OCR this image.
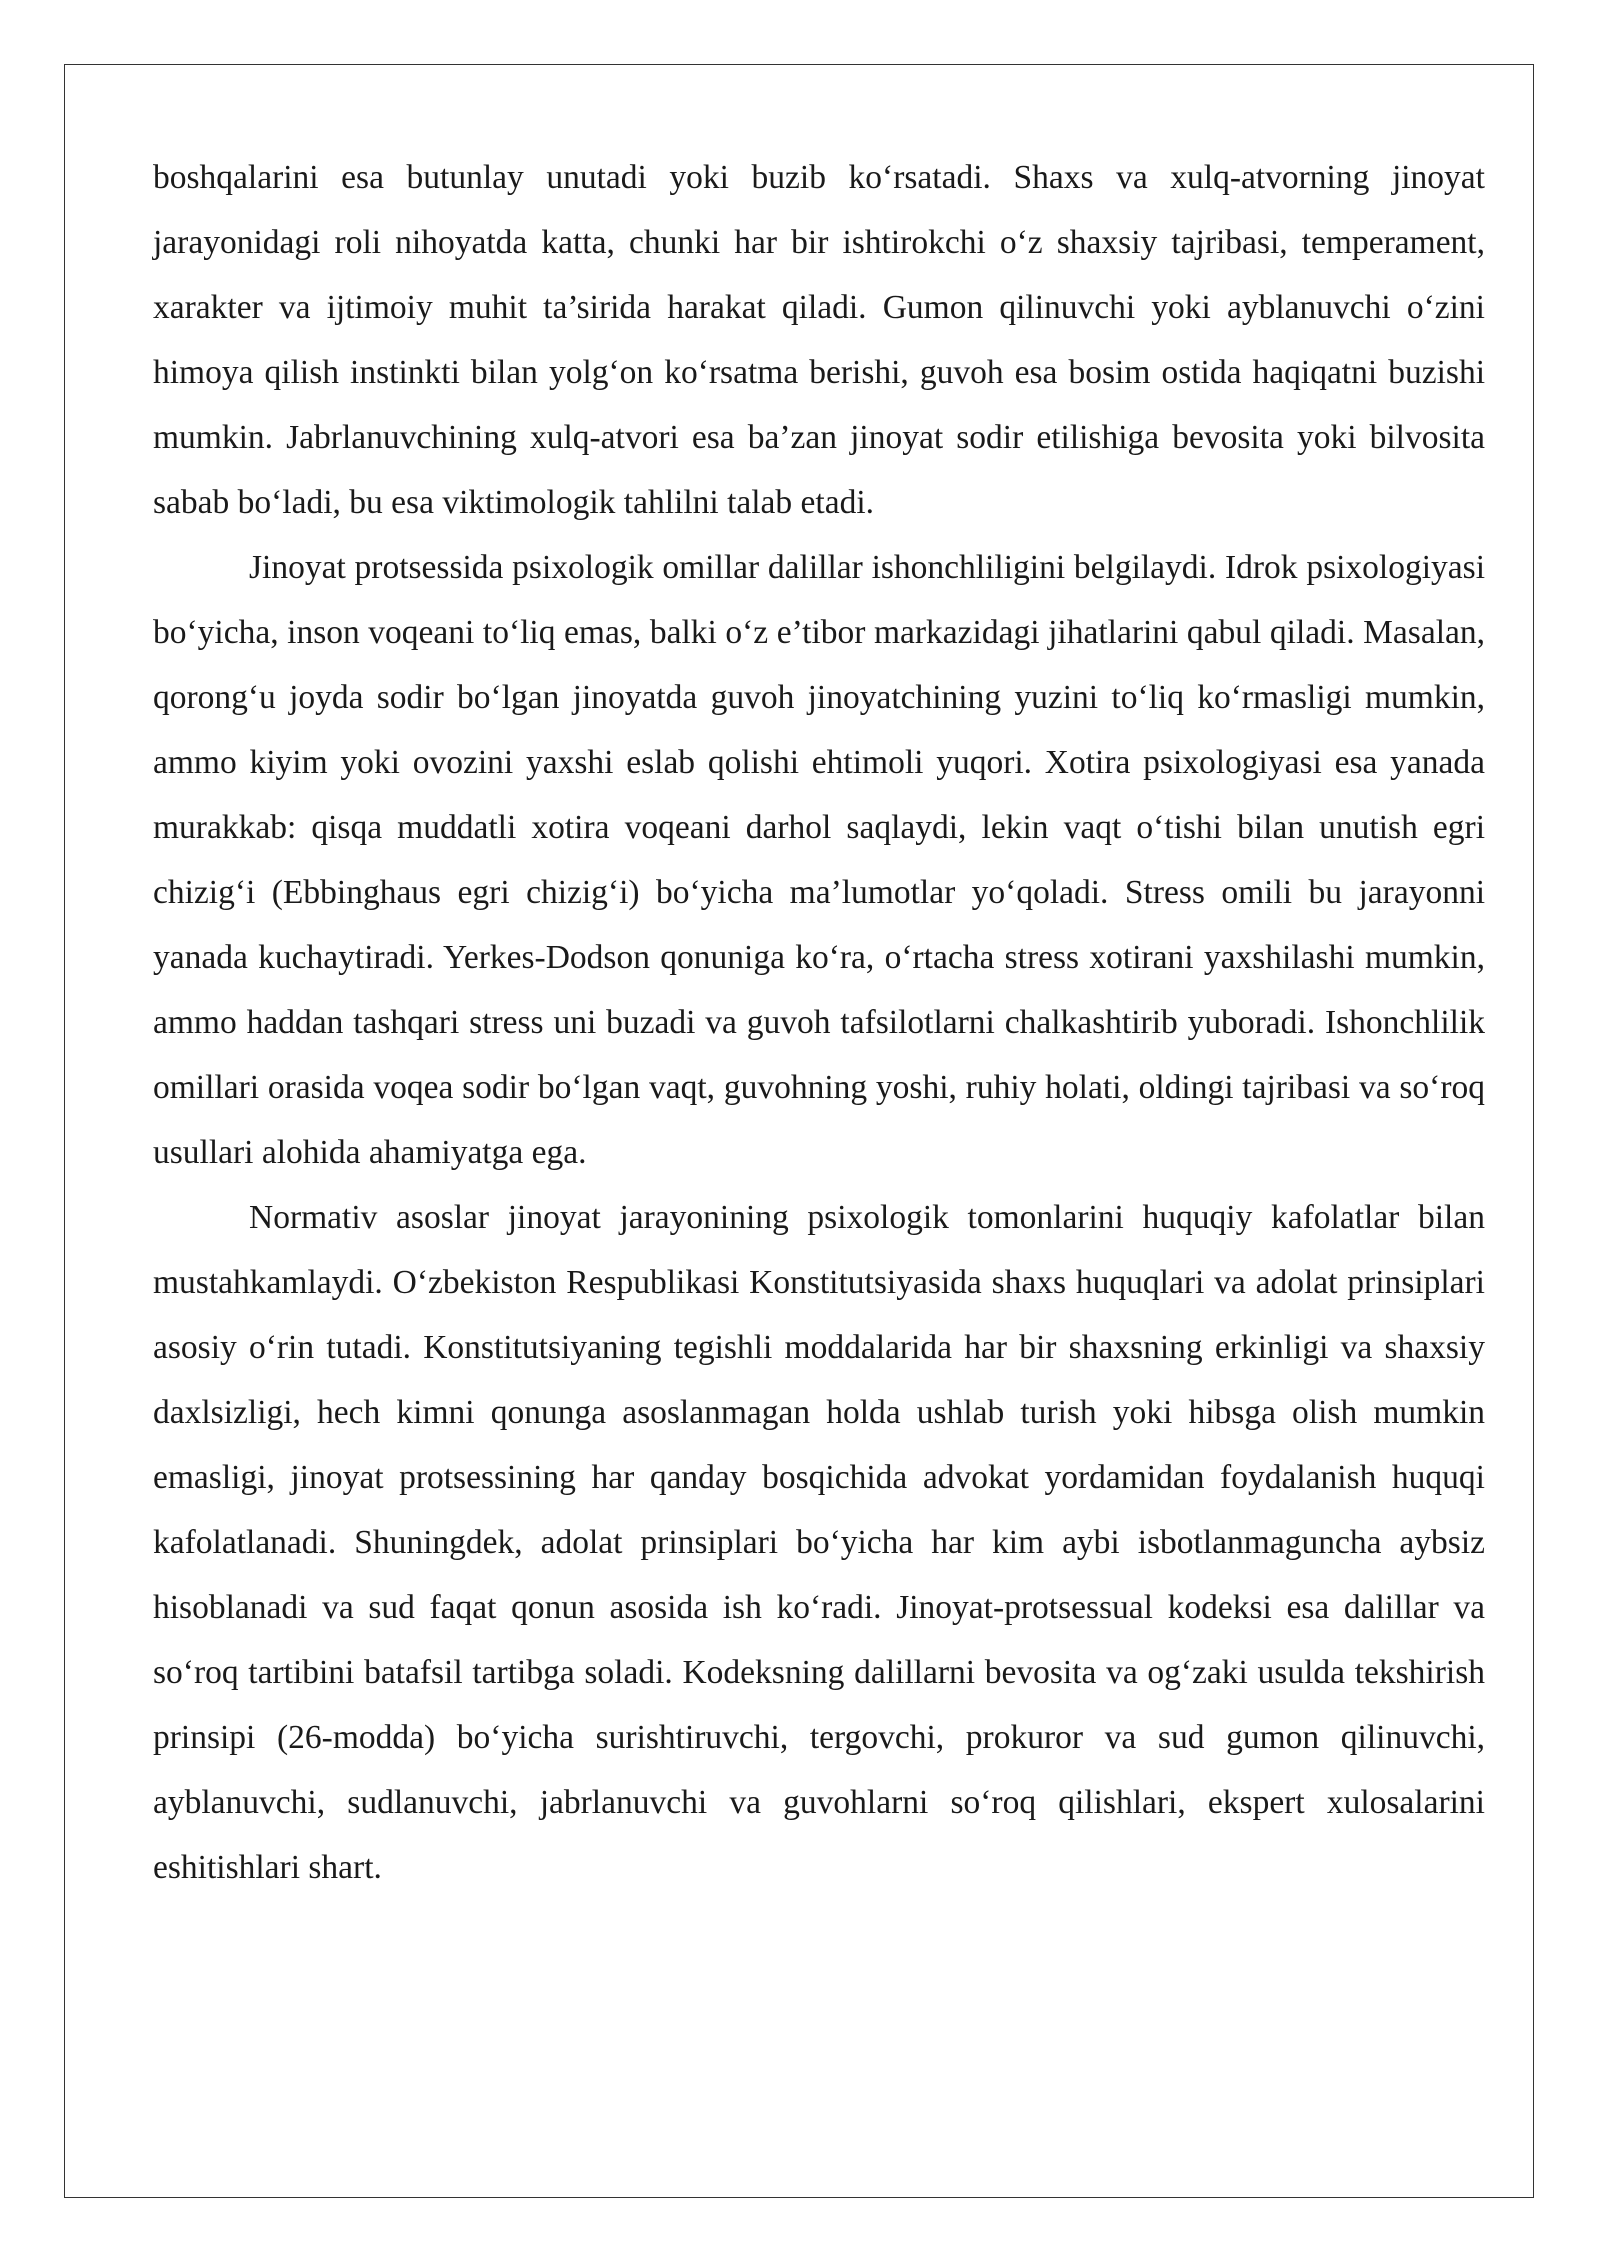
boshqalarini esa butunlay unutadi yoki buzib ko‘rsatadi. Shaxs va xulq-atvorning jinoyat jarayonidagi roli nihoyatda katta, chunki har bir ishtirokchi o‘z shaxsiy tajribasi, temperament, xarakter va ijtimoiy muhit ta’sirida harakat qiladi. Gumon qilinuvchi yoki ayblanuvchi o‘zini himoya qilish instinkti bilan yolg‘on ko‘rsatma berishi, guvoh esa bosim ostida haqiqatni buzishi mumkin. Jabrlanuvchining xulq-atvori esa ba’zan jinoyat sodir etilishiga bevosita yoki bilvosita sabab bo‘ladi, bu esa viktimologik tahlilni talab etadi.

Jinoyat protsessida psixologik omillar dalillar ishonchliligini belgilaydi. Idrok psixologiyasi bo‘yicha, inson voqeani to‘liq emas, balki o‘z e’tibor markazidagi jihatlarini qabul qiladi. Masalan, qorong‘u joyda sodir bo‘lgan jinoyatda guvoh jinoyatchining yuzini to‘liq ko‘rmasligi mumkin, ammo kiyim yoki ovozini yaxshi eslab qolishi ehtimoli yuqori. Xotira psixologiyasi esa yanada murakkab: qisqa muddatli xotira voqeani darhol saqlaydi, lekin vaqt o‘tishi bilan unutish egri chizig‘i (Ebbinghaus egri chizig‘i) bo‘yicha ma’lumotlar yo‘qoladi. Stress omili bu jarayonni yanada kuchaytiradi. Yerkes-Dodson qonuniga ko‘ra, o‘rtacha stress xotirani yaxshilashi mumkin, ammo haddan tashqari stress uni buzadi va guvoh tafsilotlarni chalkashtirib yuboradi. Ishonchlilik omillari orasida voqea sodir bo‘lgan vaqt, guvohning yoshi, ruhiy holati, oldingi tajribasi va so‘roq usullari alohida ahamiyatga ega.

Normativ asoslar jinoyat jarayonining psixologik tomonlarini huquqiy kafolatlar bilan mustahkamlaydi. O‘zbekiston Respublikasi Konstitutsiyasida shaxs huquqlari va adolat prinsiplari asosiy o‘rin tutadi. Konstitutsiyaning tegishli moddalarida har bir shaxsning erkinligi va shaxsiy daxlsizligi, hech kimni qonunga asoslanmagan holda ushlab turish yoki hibsga olish mumkin emasligi, jinoyat protsessining har qanday bosqichida advokat yordamidan foydalanish huquqi kafolatlanadi. Shuningdek, adolat prinsiplari bo‘yicha har kim aybi isbotlanmaguncha aybsiz hisoblanadi va sud faqat qonun asosida ish ko‘radi. Jinoyat-protsessual kodeksi esa dalillar va so‘roq tartibini batafsil tartibga soladi. Kodeksning dalillarni bevosita va og‘zaki usulda tekshirish prinsipi (26-modda) bo‘yicha surishtiruvchi, tergovchi, prokuror va sud gumon qilinuvchi, ayblanuvchi, sudlanuvchi, jabrlanuvchi va guvohlarni so‘roq qilishlari, ekspert xulosalarini eshitishlari shart.
